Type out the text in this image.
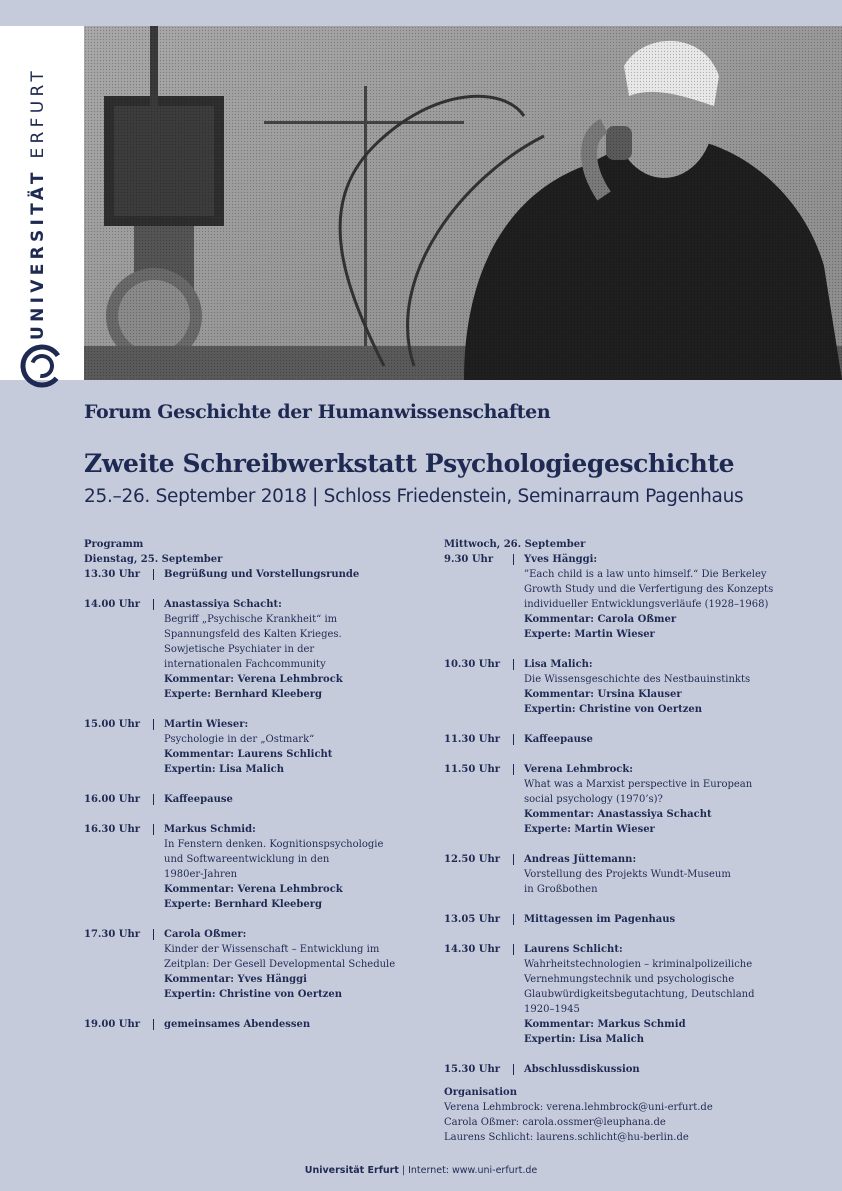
UNIVERSITÄT ERFURT
Forum Geschichte der Humanwissenschaften
Zweite Schreibwerkstatt Psychologiegeschichte
25.–26. September 2018 | Schloss Friedenstein, Seminarraum Pagenhaus
Programm
Dienstag, 25. September
13.30 Uhr	Begrüßung und Vorstellungsrunde
14.00 Uhr	Anastassiya Schacht:
Begriff „Psychische Krankheit“ im
Spannungsfeld des Kalten Krieges.
Sowjetische Psychiater in der
internationalen Fachcommunity
Kommentar: Verena Lehmbrock
Experte: Bernhard Kleeberg
15.00 Uhr	Martin Wieser:
Psychologie in der „Ostmark“
Kommentar: Laurens Schlicht
Expertin: Lisa Malich
16.00 Uhr	Kaffeepause
16.30 Uhr	Markus Schmid:
In Fenstern denken. Kognitionspsychologie
und Softwareentwicklung in den
1980er-Jahren
Kommentar: Verena Lehmbrock
Experte: Bernhard Kleeberg
17.30 Uhr	Carola Oßmer:
Kinder der Wissenschaft – Entwicklung im
Zeitplan: Der Gesell Developmental Schedule
Kommentar: Yves Hänggi
Expertin: Christine von Oertzen
19.00 Uhr	gemeinsames Abendessen
Mittwoch, 26. September
9.30 Uhr	Yves Hänggi:
”Each child is a law unto himself.“ Die Berkeley
Growth Study und die Verfertigung des Konzepts
individueller Entwicklungsverläufe (1928–1968)
Kommentar: Carola Oßmer
Experte: Martin Wieser
10.30 Uhr	Lisa Malich:
Die Wissensgeschichte des Nestbauinstinkts
Kommentar: Ursina Klauser
Expertin: Christine von Oertzen
11.30 Uhr	Kaffeepause
11.50 Uhr	Verena Lehmbrock:
What was a Marxist perspective in European
social psychology (1970’s)?
Kommentar: Anastassiya Schacht
Experte: Martin Wieser
12.50 Uhr	Andreas Jüttemann:
Vorstellung des Projekts Wundt-Museum
in Großbothen
13.05 Uhr	Mittagessen im Pagenhaus
14.30 Uhr	Laurens Schlicht:
Wahrheitstechnologien – kriminalpolizeiliche
Vernehmungstechnik und psychologische
Glaubwürdigkeitsbegutachtung, Deutschland
1920–1945
Kommentar: Markus Schmid
Expertin: Lisa Malich
15.30 Uhr	Abschlussdiskussion
Organisation
Verena Lehmbrock: verena.lehmbrock@uni-erfurt.de
Carola Oßmer: carola.ossmer@leuphana.de
Laurens Schlicht: laurens.schlicht@hu-berlin.de
Universität Erfurt | Internet: www.uni-erfurt.de
